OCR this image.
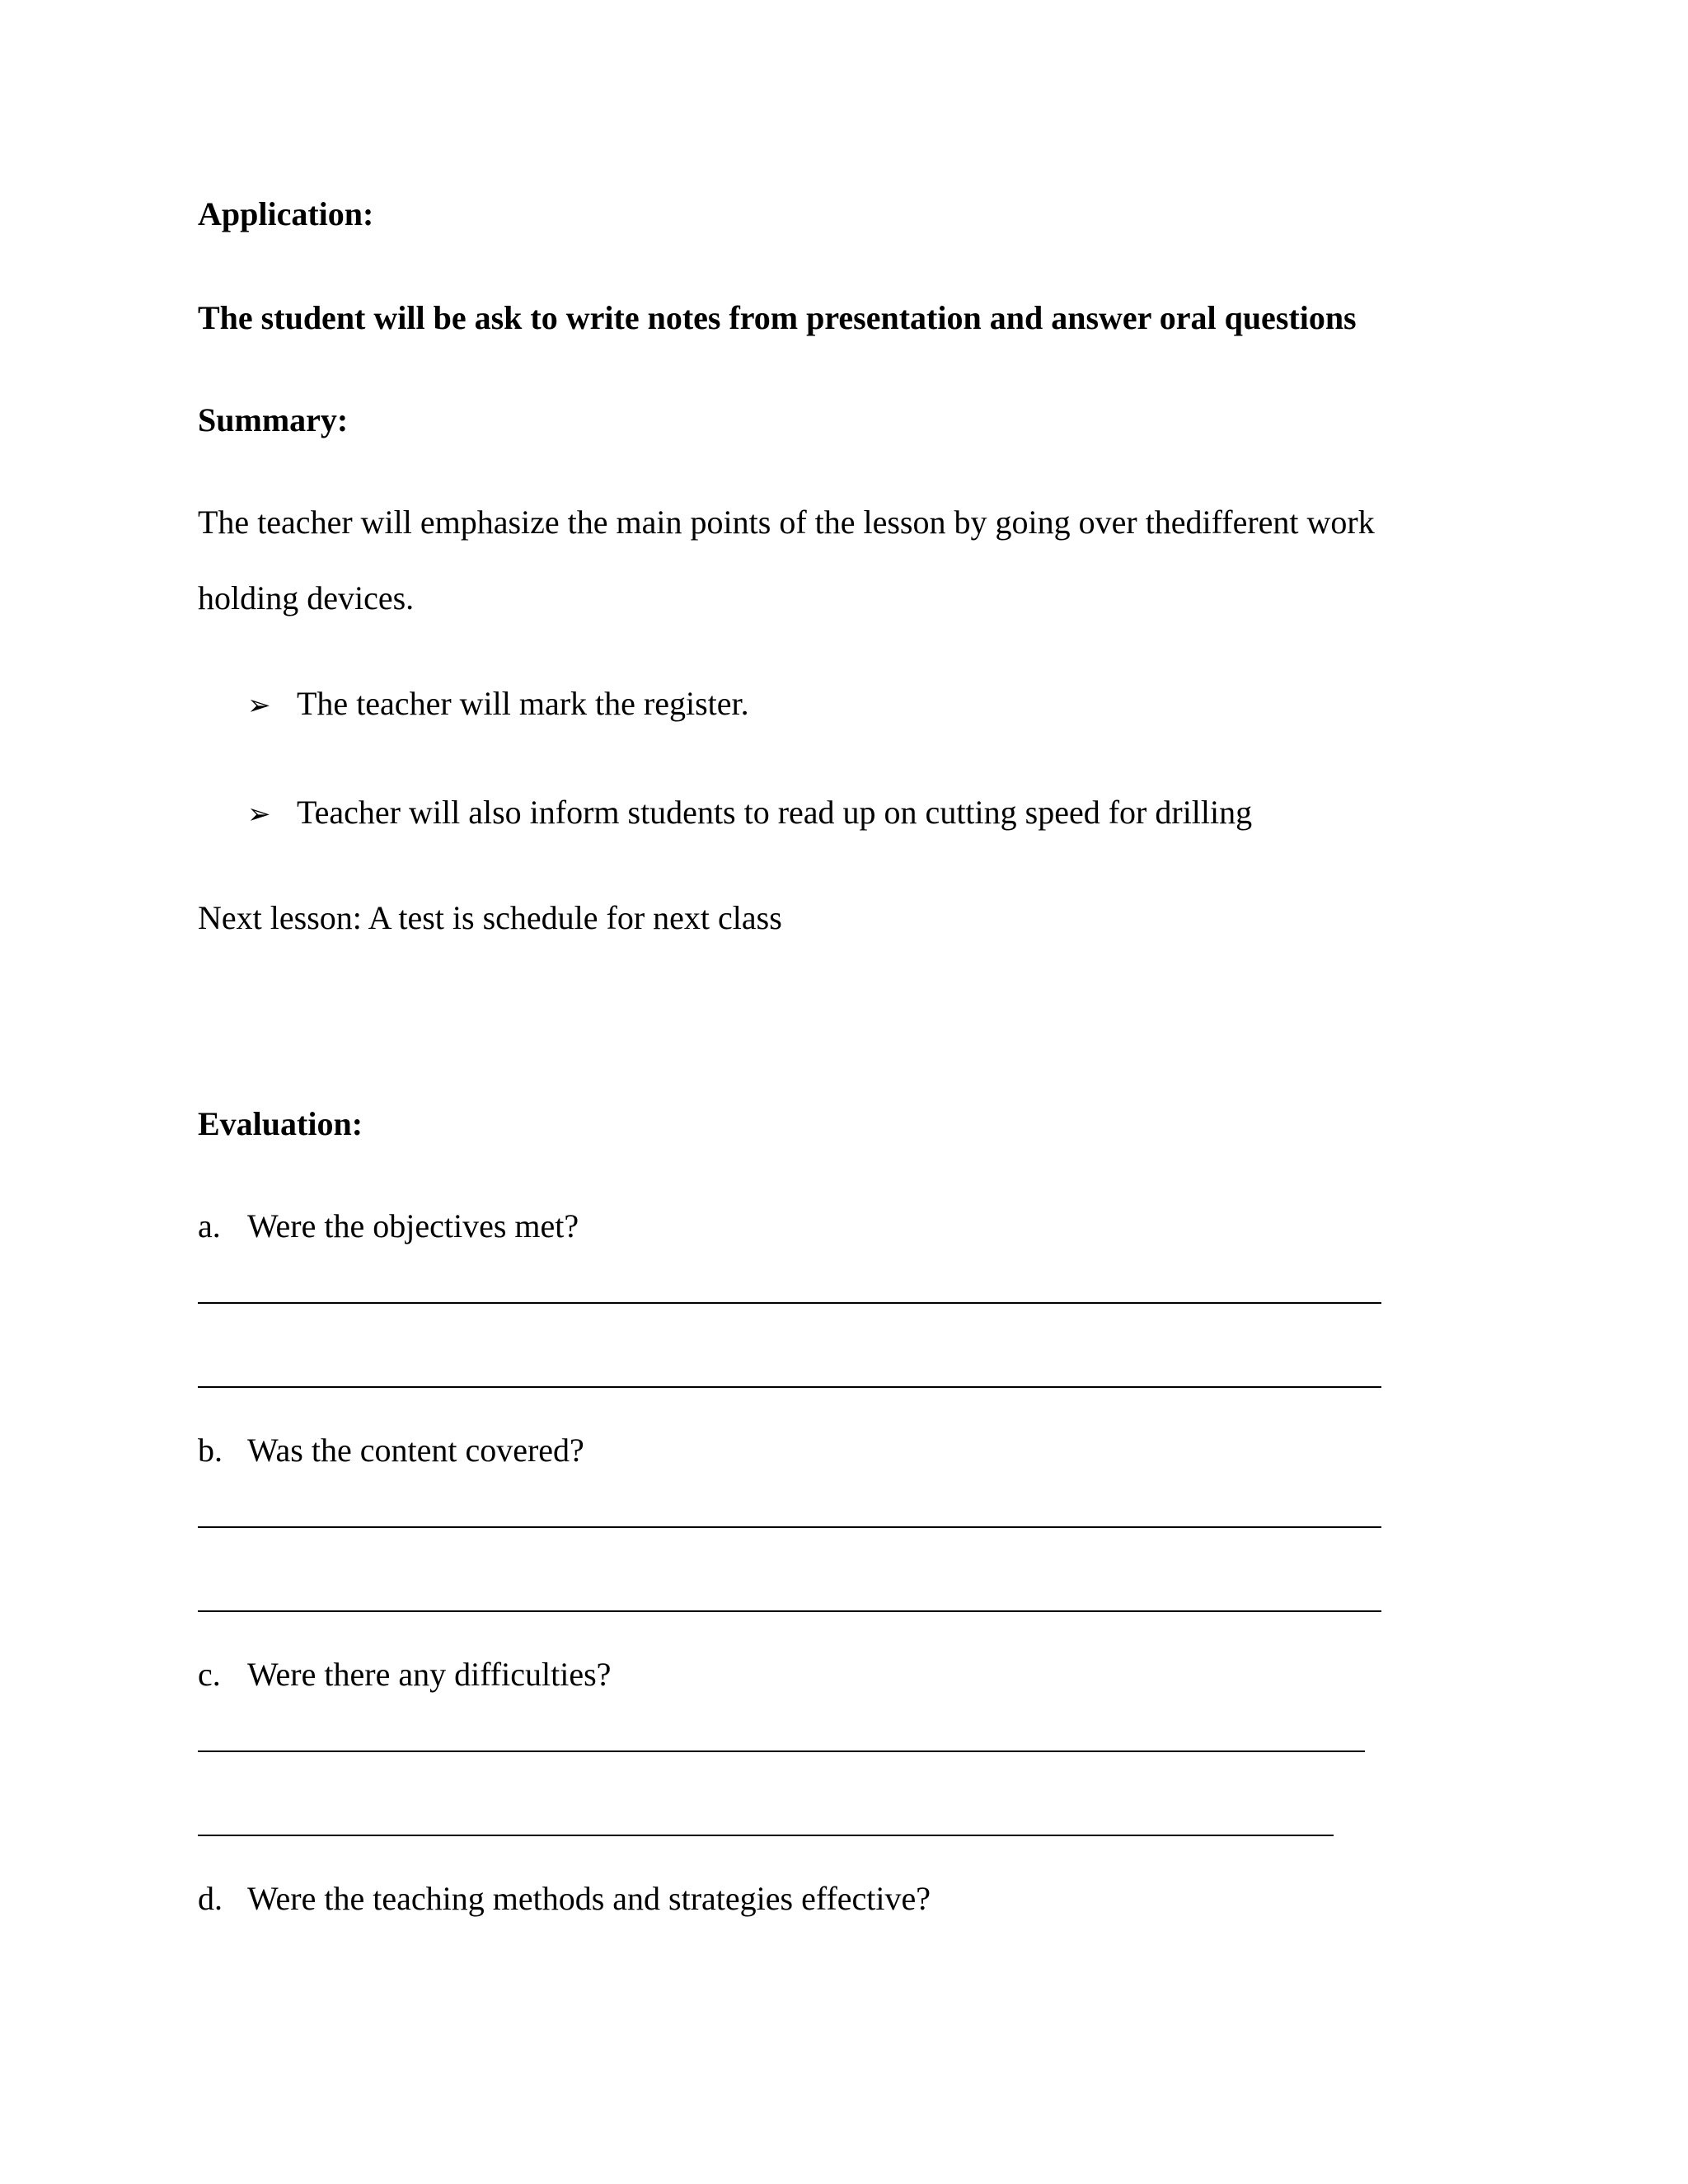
Application:

The student will be ask to write notes from presentation and answer oral questions

Summary:

The teacher will emphasize the main points of the lesson by going over thedifferent work

holding devices.

➢ The teacher will mark the register.
➢ Teacher will also inform students to read up on cutting speed for drilling

Next lesson: A test is schedule for next class

Evaluation:

a. Were the objectives met?
b. Was the content covered?
c. Were there any difficulties?
d. Were the teaching methods and strategies effective?
